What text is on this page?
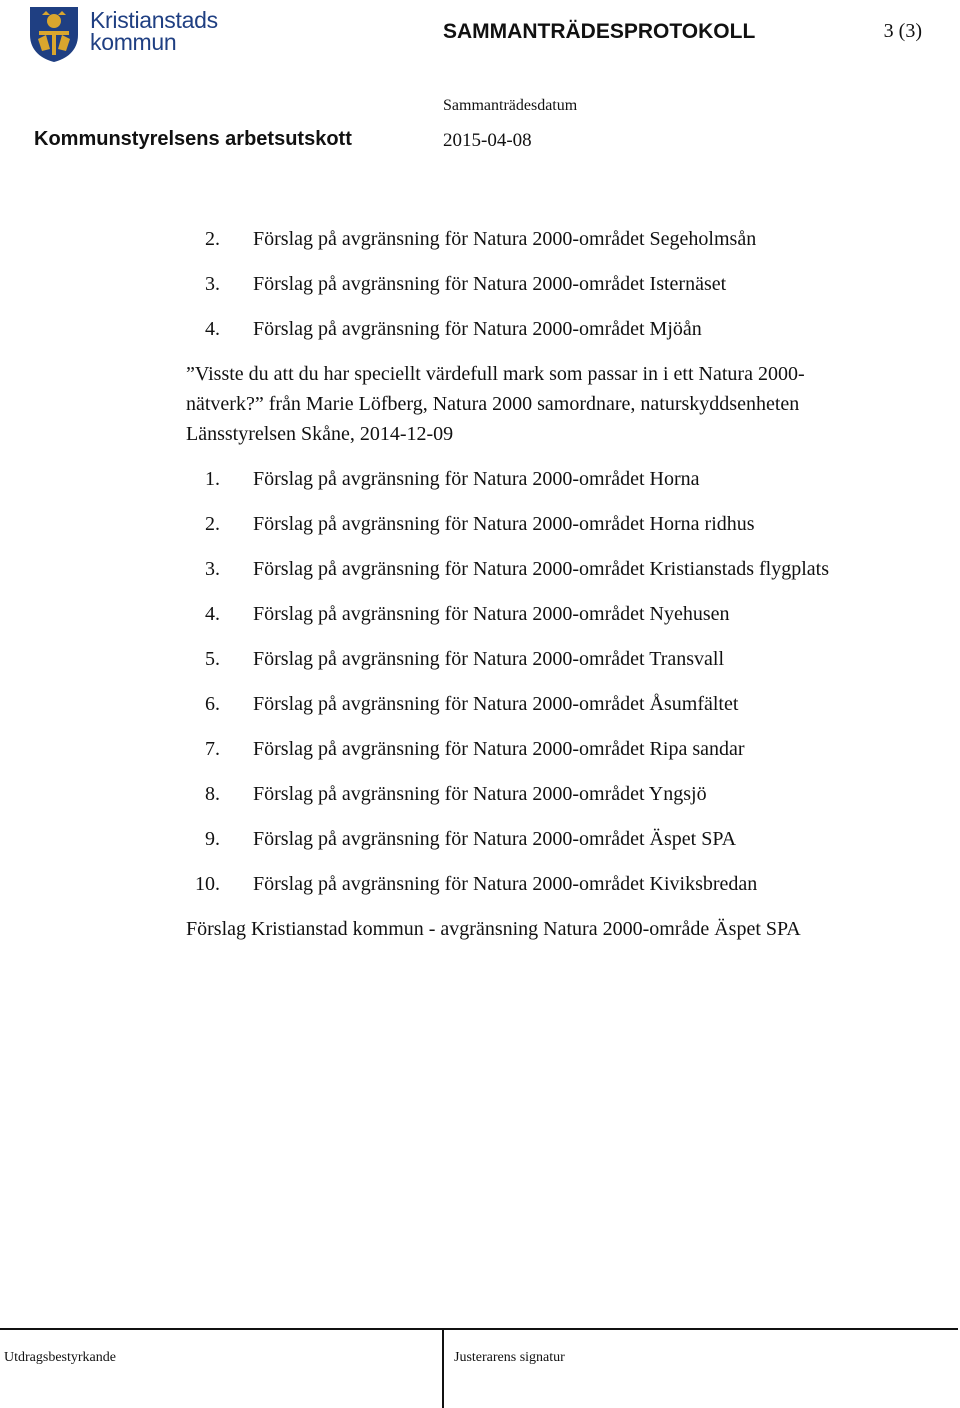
Kristianstads
kommun	SAMMANTRÄDESPROTOKOLL	3 (3)
Sammanträdesdatum
Kommunstyrelsens arbetsutskott	2015-04-08
2.	Förslag på avgränsning för Natura 2000-området Segeholmsån
3.	Förslag på avgränsning för Natura 2000-området Isternäset
4.	Förslag på avgränsning för Natura 2000-området Mjöån
”Visste du att du har speciellt värdefull mark som passar in i ett Natura 2000-nätverk?” från Marie Löfberg, Natura 2000 samordnare, naturskyddsenheten Länsstyrelsen Skåne, 2014-12-09
1.	Förslag på avgränsning för Natura 2000-området Horna
2.	Förslag på avgränsning för Natura 2000-området Horna ridhus
3.	Förslag på avgränsning för Natura 2000-området Kristianstads flygplats
4.	Förslag på avgränsning för Natura 2000-området Nyehusen
5.	Förslag på avgränsning för Natura 2000-området Transvall
6.	Förslag på avgränsning för Natura 2000-området Åsumfältet
7.	Förslag på avgränsning för Natura 2000-området Ripa sandar
8.	Förslag på avgränsning för Natura 2000-området Yngsjö
9.	Förslag på avgränsning för Natura 2000-området Äspet SPA
10.	Förslag på avgränsning för Natura 2000-området Kiviksbredan
Förslag Kristianstad kommun - avgränsning Natura 2000-område Äspet SPA
Utdragsbestyrkande	Justerarens signatur
